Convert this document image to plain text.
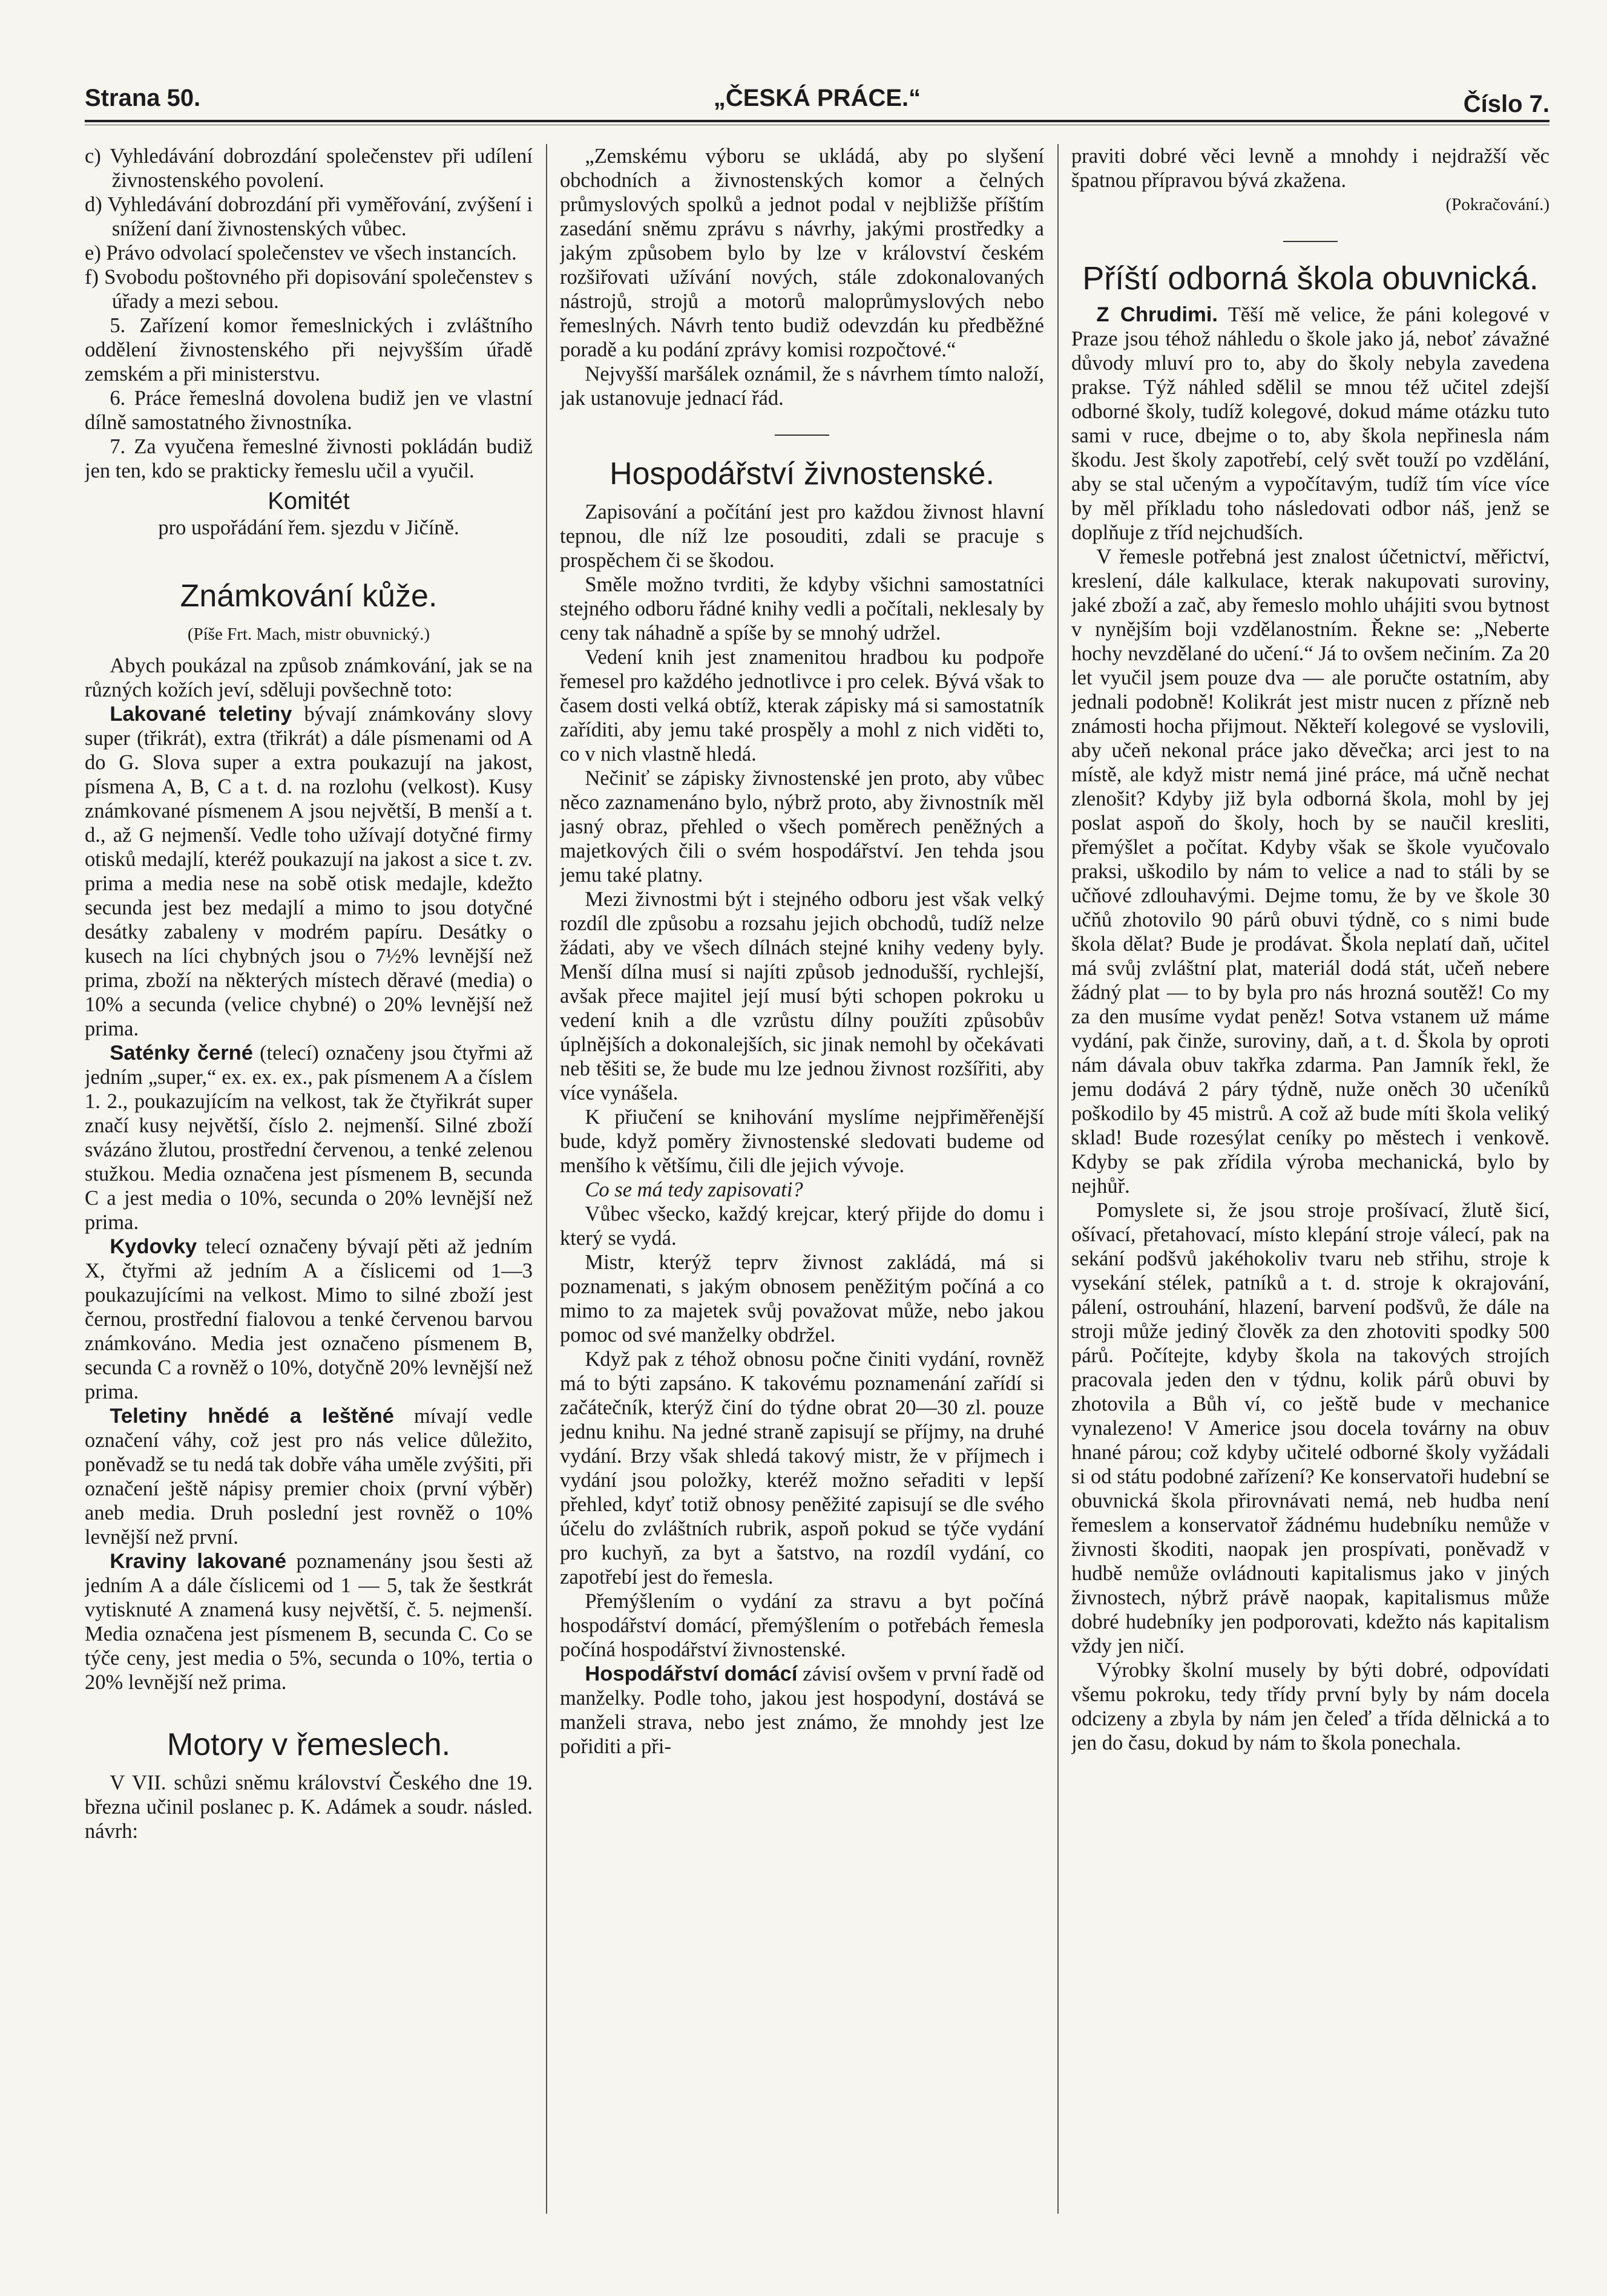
„ČESKÁ PRÁCE.“
Strana 50.	Číslo 7.

c) Vyhledávání dobrozdání společenstev při udílení živnostenského povolení.

d) Vyhledávání dobrozdání při vyměřování, zvýšení i snížení daní živnostenských vůbec.

e) Právo odvolací společenstev ve všech instancích.

f) Svobodu poštovného při dopisování společenstev s úřady a mezi sebou.

5. Zařízení komor řemeslnických i zvláštního oddělení živnostenského při nejvyšším úřadě zemském a při ministerstvu.

6. Práce řemeslná dovolena budiž jen ve vlastní dílně samostatného živnostníka.

7. Za vyučena řemeslné živnosti pokládán budiž jen ten, kdo se prakticky řemeslu učil a vyučil.

Komitét

pro uspořádání řem. sjezdu v Jičíně.

Známkování kůže.
(Píše Frt. Mach, mistr obuvnický.)

Abych poukázal na způsob známkování, jak se na různých kožích jeví, sděluji povšechně toto:

Lakované teletiny bývají známkovány slovy super (třikrát), extra (třikrát) a dále písmenami od A do G. Slova super a extra poukazují na jakost, písmena A, B, C a t. d. na rozlohu (velkost). Kusy známkované písmenem A jsou největší, B menší a t. d., až G nejmenší. Vedle toho užívají dotyčné firmy otisků medajlí, kteréž poukazují na jakost a sice t. zv. prima a media nese na sobě otisk medajle, kdežto secunda jest bez medajlí a mimo to jsou dotyčné desátky zabaleny v modrém papíru. Desátky o kusech na líci chybných jsou o 7½% levnější než prima, zboží na některých místech děravé (media) o 10% a secunda (velice chybné) o 20% levnější než prima.

Saténky černé (telecí) označeny jsou čtyřmi až jedním „super,“ ex. ex. ex., pak písmenem A a číslem 1. 2., poukazujícím na velkost, tak že čtyřikrát super značí kusy největší, číslo 2. nejmenší. Silné zboží svázáno žlutou, prostřední červenou, a tenké zelenou stužkou. Media označena jest písmenem B, secunda C a jest media o 10%, secunda o 20% levnější než prima.

Kydovky telecí označeny bývají pěti až jedním X, čtyřmi až jedním A a číslicemi od 1—3 poukazujícími na velkost. Mimo to silné zboží jest černou, prostřední fialovou a tenké červenou barvou známkováno. Media jest označeno písmenem B, secunda C a rovněž o 10%, dotyčně 20% levnější než prima.

Teletiny hnědé a leštěné mívají vedle označení váhy, což jest pro nás velice důležito, poněvadž se tu nedá tak dobře váha uměle zvýšiti, při označení ještě nápisy premier choix (první výběr) aneb media. Druh poslední jest rovněž o 10% levnější než první.

Kraviny lakované poznamenány jsou šesti až jedním A a dále číslicemi od 1 — 5, tak že šestkrát vytisknuté A znamená kusy největší, č. 5. nejmenší. Media označena jest písmenem B, secunda C. Co se týče ceny, jest media o 5%, secunda o 10%, tertia o 20% levnější než prima.

Motory v řemeslech.

V VII. schůzi sněmu království Českého dne 19. března učinil poslanec p. K. Adámek a soudr. násled. návrh:

„Zemskému výboru se ukládá, aby po slyšení obchodních a živnostenských komor a čelných průmyslových spolků a jednot podal v nejbližše příštím zasedání sněmu zprávu s návrhy, jakými prostředky a jakým způsobem bylo by lze v království českém rozšiřovati užívání nových, stále zdokonalovaných nástrojů, strojů a motorů maloprůmyslových nebo řemeslných. Návrh tento budiž odevzdán ku předběžné poradě a ku podání zprávy komisi rozpočtové.“

Nejvyšší maršálek oznámil, že s návrhem tímto naloží, jak ustanovuje jednací řád.

Hospodářství živnostenské.

Zapisování a počítání jest pro každou živnost hlavní tepnou, dle níž lze posouditi, zdali se pracuje s prospěchem či se škodou.

Směle možno tvrditi, že kdyby všichni samostatníci stejného odboru řádné knihy vedli a počítali, neklesaly by ceny tak náhadně a spíše by se mnohý udržel.

Vedení knih jest znamenitou hradbou ku podpoře řemesel pro každého jednotlivce i pro celek. Bývá však to časem dosti velká obtíž, kterak zápisky má si samostatník zaříditi, aby jemu také prospěly a mohl z nich viděti to, co v nich vlastně hledá.

Nečiniť se zápisky živnostenské jen proto, aby vůbec něco zaznamenáno bylo, nýbrž proto, aby živnostník měl jasný obraz, přehled o všech poměrech peněžných a majetkových čili o svém hospodářství. Jen tehda jsou jemu také platny.

Mezi živnostmi být i stejného odboru jest však velký rozdíl dle způsobu a rozsahu jejich obchodů, tudíž nelze žádati, aby ve všech dílnách stejné knihy vedeny byly. Menší dílna musí si najíti způsob jednodušší, rychlejší, avšak přece majitel její musí býti schopen pokroku u vedení knih a dle vzrůstu dílny použíti způsobův úplnějších a dokonalejších, sic jinak nemohl by očekávati neb těšiti se, že bude mu lze jednou živnost rozšířiti, aby více vynášela.

K přiučení se knihování myslíme nejpřiměřenější bude, když poměry živnostenské sledovati budeme od menšího k většímu, čili dle jejich vývoje.

Co se má tedy zapisovati?

Vůbec všecko, každý krejcar, který přijde do domu i který se vydá.

Mistr, kterýž teprv živnost zakládá, má si poznamenati, s jakým obnosem peněžitým počíná a co mimo to za majetek svůj považovat může, nebo jakou pomoc od své manželky obdržel.

Když pak z téhož obnosu počne činiti vydání, rovněž má to býti zapsáno. K takovému poznamenání zařídí si začátečník, kterýž činí do týdne obrat 20—30 zl. pouze jednu knihu. Na jedné straně zapisují se příjmy, na druhé vydání. Brzy však shledá takový mistr, že v příjmech i vydání jsou položky, kteréž možno seřaditi v lepší přehled, kdyť totiž obnosy peněžité zapisují se dle svého účelu do zvláštních rubrik, aspoň pokud se týče vydání pro kuchyň, za byt a šatstvo, na rozdíl vydání, co zapotřebí jest do řemesla.

Přemýšlením o vydání za stravu a byt počíná hospodářství domácí, přemýšlením o potřebách řemesla počíná hospodářství živnostenské.

Hospodářství domácí závisí ovšem v první řadě od manželky. Podle toho, jakou jest hospodyní, dostává se manželi strava, nebo jest známo, že mnohdy jest lze pořiditi a při-

praviti dobré věci levně a mnohdy i nejdražší věc špatnou přípravou bývá zkažena.

(Pokračování.)

Příští odborná škola obuvnická.

Z Chrudimi. Těší mě velice, že páni kolegové v Praze jsou téhož náhledu o škole jako já, neboť závažné důvody mluví pro to, aby do školy nebyla zavedena prakse. Týž náhled sdělil se mnou též učitel zdejší odborné školy, tudíž kolegové, dokud máme otázku tuto sami v ruce, dbejme o to, aby škola nepřinesla nám škodu. Jest školy zapotřebí, celý svět touží po vzdělání, aby se stal učeným a vypočítavým, tudíž tím více více by měl příkladu toho následovati odbor náš, jenž se doplňuje z tříd nejchudších.

V řemesle potřebná jest znalost účetnictví, měřictví, kreslení, dále kalkulace, kterak nakupovati suroviny, jaké zboží a zač, aby řemeslo mohlo uhájiti svou bytnost v nynějším boji vzdělanostním. Řekne se: „Neberte hochy nevzdělané do učení.“ Já to ovšem nečiním. Za 20 let vyučil jsem pouze dva — ale poručte ostatním, aby jednali podobně! Kolikrát jest mistr nucen z přízně neb známosti hocha přijmout. Někteří kolegové se vyslovili, aby učeň nekonal práce jako děvečka; arci jest to na místě, ale když mistr nemá jiné práce, má učně nechat zlenošit? Kdyby již byla odborná škola, mohl by jej poslat aspoň do školy, hoch by se naučil kresliti, přemýšlet a počítat. Kdyby však se škole vyučovalo praksi, uškodilo by nám to velice a nad to stáli by se učňové zdlouhavými. Dejme tomu, že by ve škole 30 učňů zhotovilo 90 párů obuvi týdně, co s nimi bude škola dělat? Bude je prodávat. Škola neplatí daň, učitel má svůj zvláštní plat, materiál dodá stát, učeň nebere žádný plat — to by byla pro nás hrozná soutěž! Co my za den musíme vydat peněz! Sotva vstanem už máme vydání, pak činže, suroviny, daň, a t. d. Škola by oproti nám dávala obuv takřka zdarma. Pan Jamník řekl, že jemu dodává 2 páry týdně, nuže oněch 30 učeníků poškodilo by 45 mistrů. A což až bude míti škola veliký sklad! Bude rozesýlat ceníky po městech i venkově. Kdyby se pak zřídila výroba mechanická, bylo by nejhůř.

Pomyslete si, že jsou stroje prošívací, žlutě šicí, ošívací, přetahovací, místo klepání stroje válecí, pak na sekání podšvů jakéhokoliv tvaru neb střihu, stroje k vysekání stélek, patníků a t. d. stroje k okrajování, pálení, ostrouhání, hlazení, barvení podšvů, že dále na stroji může jediný člověk za den zhotoviti spodky 500 párů. Počítejte, kdyby škola na takových strojích pracovala jeden den v týdnu, kolik párů obuvi by zhotovila a Bůh ví, co ještě bude v mechanice vynalezeno! V Americe jsou docela továrny na obuv hnané párou; což kdyby učitelé odborné školy vyžádali si od státu podobné zařízení? Ke konservatoři hudební se obuvnická škola přirovnávati nemá, neb hudba není řemeslem a konservatoř žádnému hudebníku nemůže v živnosti škoditi, naopak jen prospívati, poněvadž v hudbě nemůže ovládnouti kapitalismus jako v jiných živnostech, nýbrž právě naopak, kapitalismus může dobré hudebníky jen podporovati, kdežto nás kapitalism vždy jen ničí.

Výrobky školní musely by býti dobré, odpovídati všemu pokroku, tedy třídy první byly by nám docela odcizeny a zbyla by nám jen čeleď a třída dělnická a to jen do času, dokud by nám to škola ponechala.
